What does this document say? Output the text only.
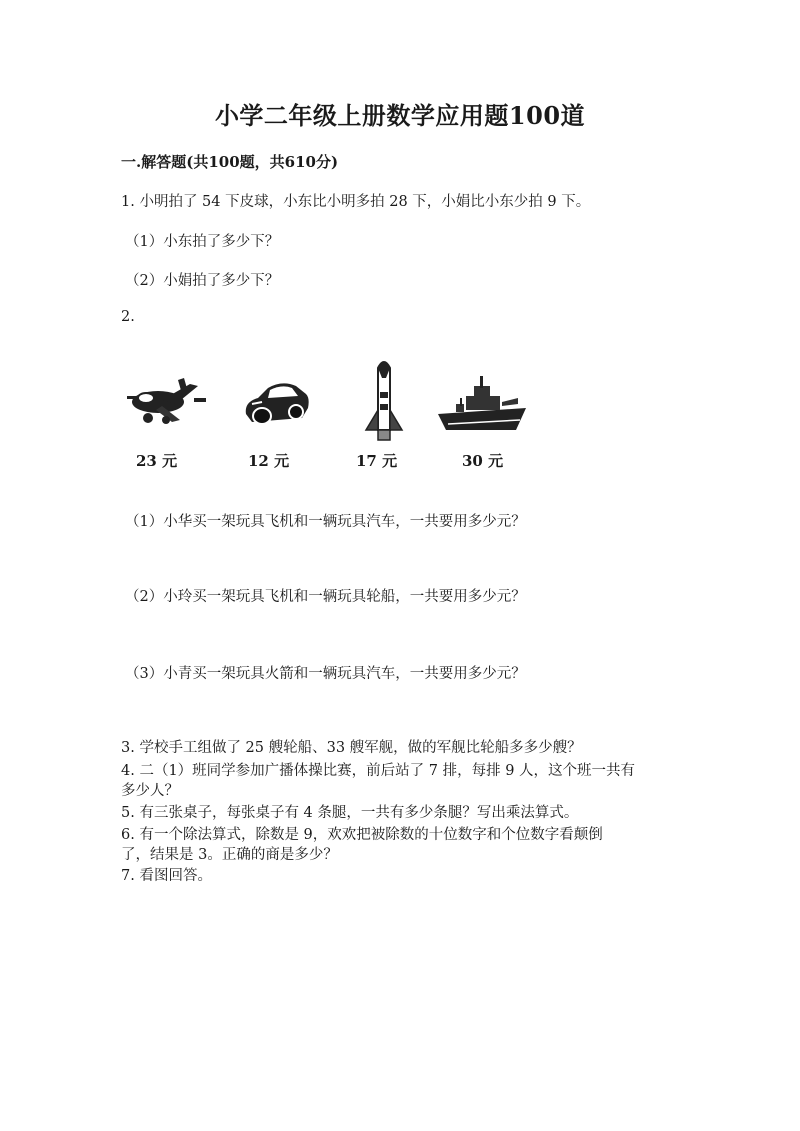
小学二年级上册数学应用题100道
一.解答题(共100题，共610分)
1. 小明拍了 54 下皮球，小东比小明多拍 28 下，小娟比小东少拍 9 下。
（1）小东拍了多少下？
（2）小娟拍了多少下？
2.
23 元	12 元	17 元	30 元
（1）小华买一架玩具飞机和一辆玩具汽车，一共要用多少元？
（2）小玲买一架玩具飞机和一辆玩具轮船，一共要用多少元？
（3）小青买一架玩具火箭和一辆玩具汽车，一共要用多少元？
3. 学校手工组做了 25 艘轮船、33 艘军舰，做的军舰比轮船多多少艘？
4. 二（1）班同学参加广播体操比赛，前后站了 7 排，每排 9 人，这个班一共有
多少人？
5. 有三张桌子，每张桌子有 4 条腿，一共有多少条腿？写出乘法算式。
6. 有一个除法算式，除数是 9，欢欢把被除数的十位数字和个位数字看颠倒
了，结果是 3。正确的商是多少？
7. 看图回答。
